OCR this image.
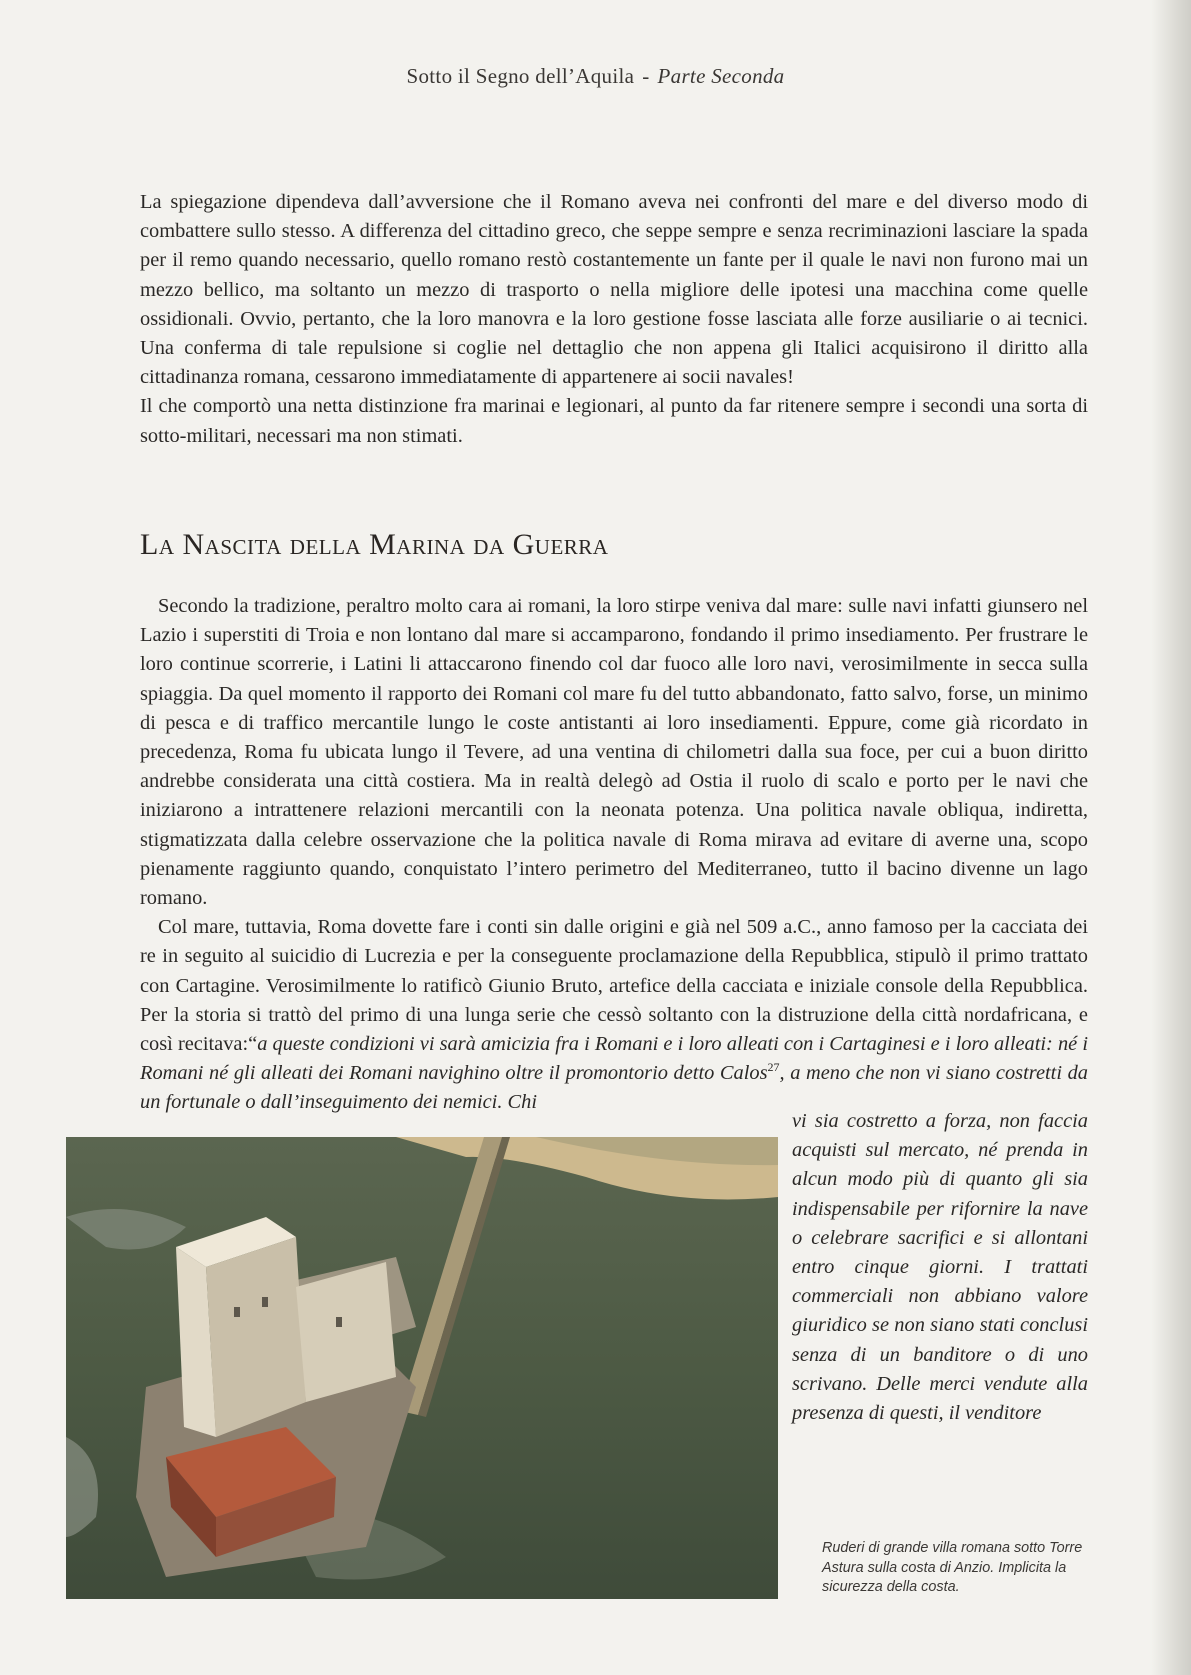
Sotto il Segno dell’Aquila - Parte Seconda

La spiegazione dipendeva dall’avversione che il Romano aveva nei confronti del mare e del diverso modo di combattere sullo stesso. A differenza del cittadino greco, che seppe sempre e senza recriminazioni lasciare la spada per il remo quando necessario, quello romano restò costantemente un fante per il quale le navi non furono mai un mezzo bellico, ma soltanto un mezzo di trasporto o nella migliore delle ipotesi una macchina come quelle ossidionali. Ovvio, pertanto, che la loro manovra e la loro gestione fosse lasciata alle forze ausiliarie o ai tecnici. Una conferma di tale repulsione si coglie nel dettaglio che non appena gli Italici acquisirono il diritto alla cittadinanza romana, cessarono immediatamente di appartenere ai socii navales!

Il che comportò una netta distinzione fra marinai e legionari, al punto da far ritenere sempre i secondi una sorta di sotto-militari, necessari ma non stimati.

La Nascita della Marina da Guerra

Secondo la tradizione, peraltro molto cara ai romani, la loro stirpe veniva dal mare: sulle navi infatti giunsero nel Lazio i superstiti di Troia e non lontano dal mare si accamparono, fondando il primo insediamento. Per frustrare le loro continue scorrerie, i Latini li attaccarono finendo col dar fuoco alle loro navi, verosimilmente in secca sulla spiaggia. Da quel momento il rapporto dei Romani col mare fu del tutto abbandonato, fatto salvo, forse, un minimo di pesca e di traffico mercantile lungo le coste antistanti ai loro insediamenti. Eppure, come già ricordato in precedenza, Roma fu ubicata lungo il Tevere, ad una ventina di chilometri dalla sua foce, per cui a buon diritto andrebbe considerata una città costiera. Ma in realtà delegò ad Ostia il ruolo di scalo e porto per le navi che iniziarono a intrattenere relazioni mercantili con la neonata potenza. Una politica navale obliqua, indiretta, stigmatizzata dalla celebre osservazione che la politica navale di Roma mirava ad evitare di averne una, scopo pienamente raggiunto quando, conquistato l’intero perimetro del Mediterraneo, tutto il bacino divenne un lago romano.

Col mare, tuttavia, Roma dovette fare i conti sin dalle origini e già nel 509 a.C., anno famoso per la cacciata dei re in seguito al suicidio di Lucrezia e per la conseguente proclamazione della Repubblica, stipulò il primo trattato con Cartagine. Verosimilmente lo ratificò Giunio Bruto, artefice della cacciata e iniziale console della Repubblica. Per la storia si trattò del primo di una lunga serie che cessò soltanto con la distruzione della città nordafricana, e così recitava:“a queste condizioni vi sarà amicizia fra i Romani e i loro alleati con i Cartaginesi e i loro alleati: né i Romani né gli alleati dei Romani navighino oltre il promontorio detto Calos$^{27}$, a meno che non vi siano costretti da un fortunale o dall’inseguimento dei nemici. Chi

vi sia costretto a forza, non faccia acquisti sul mercato, né prenda in alcun modo più di quanto gli sia indispensabile per rifornire la nave o celebrare sacrifici e si allontani entro cinque giorni. I trattati commerciali non abbiano valore giuridico se non siano stati conclusi senza di un banditore o di uno scrivano. Delle merci vendute alla presenza di questi, il venditore
Ruderi di grande villa romana sotto Torre Astura sulla costa di Anzio. Implicita la sicurezza della costa.
